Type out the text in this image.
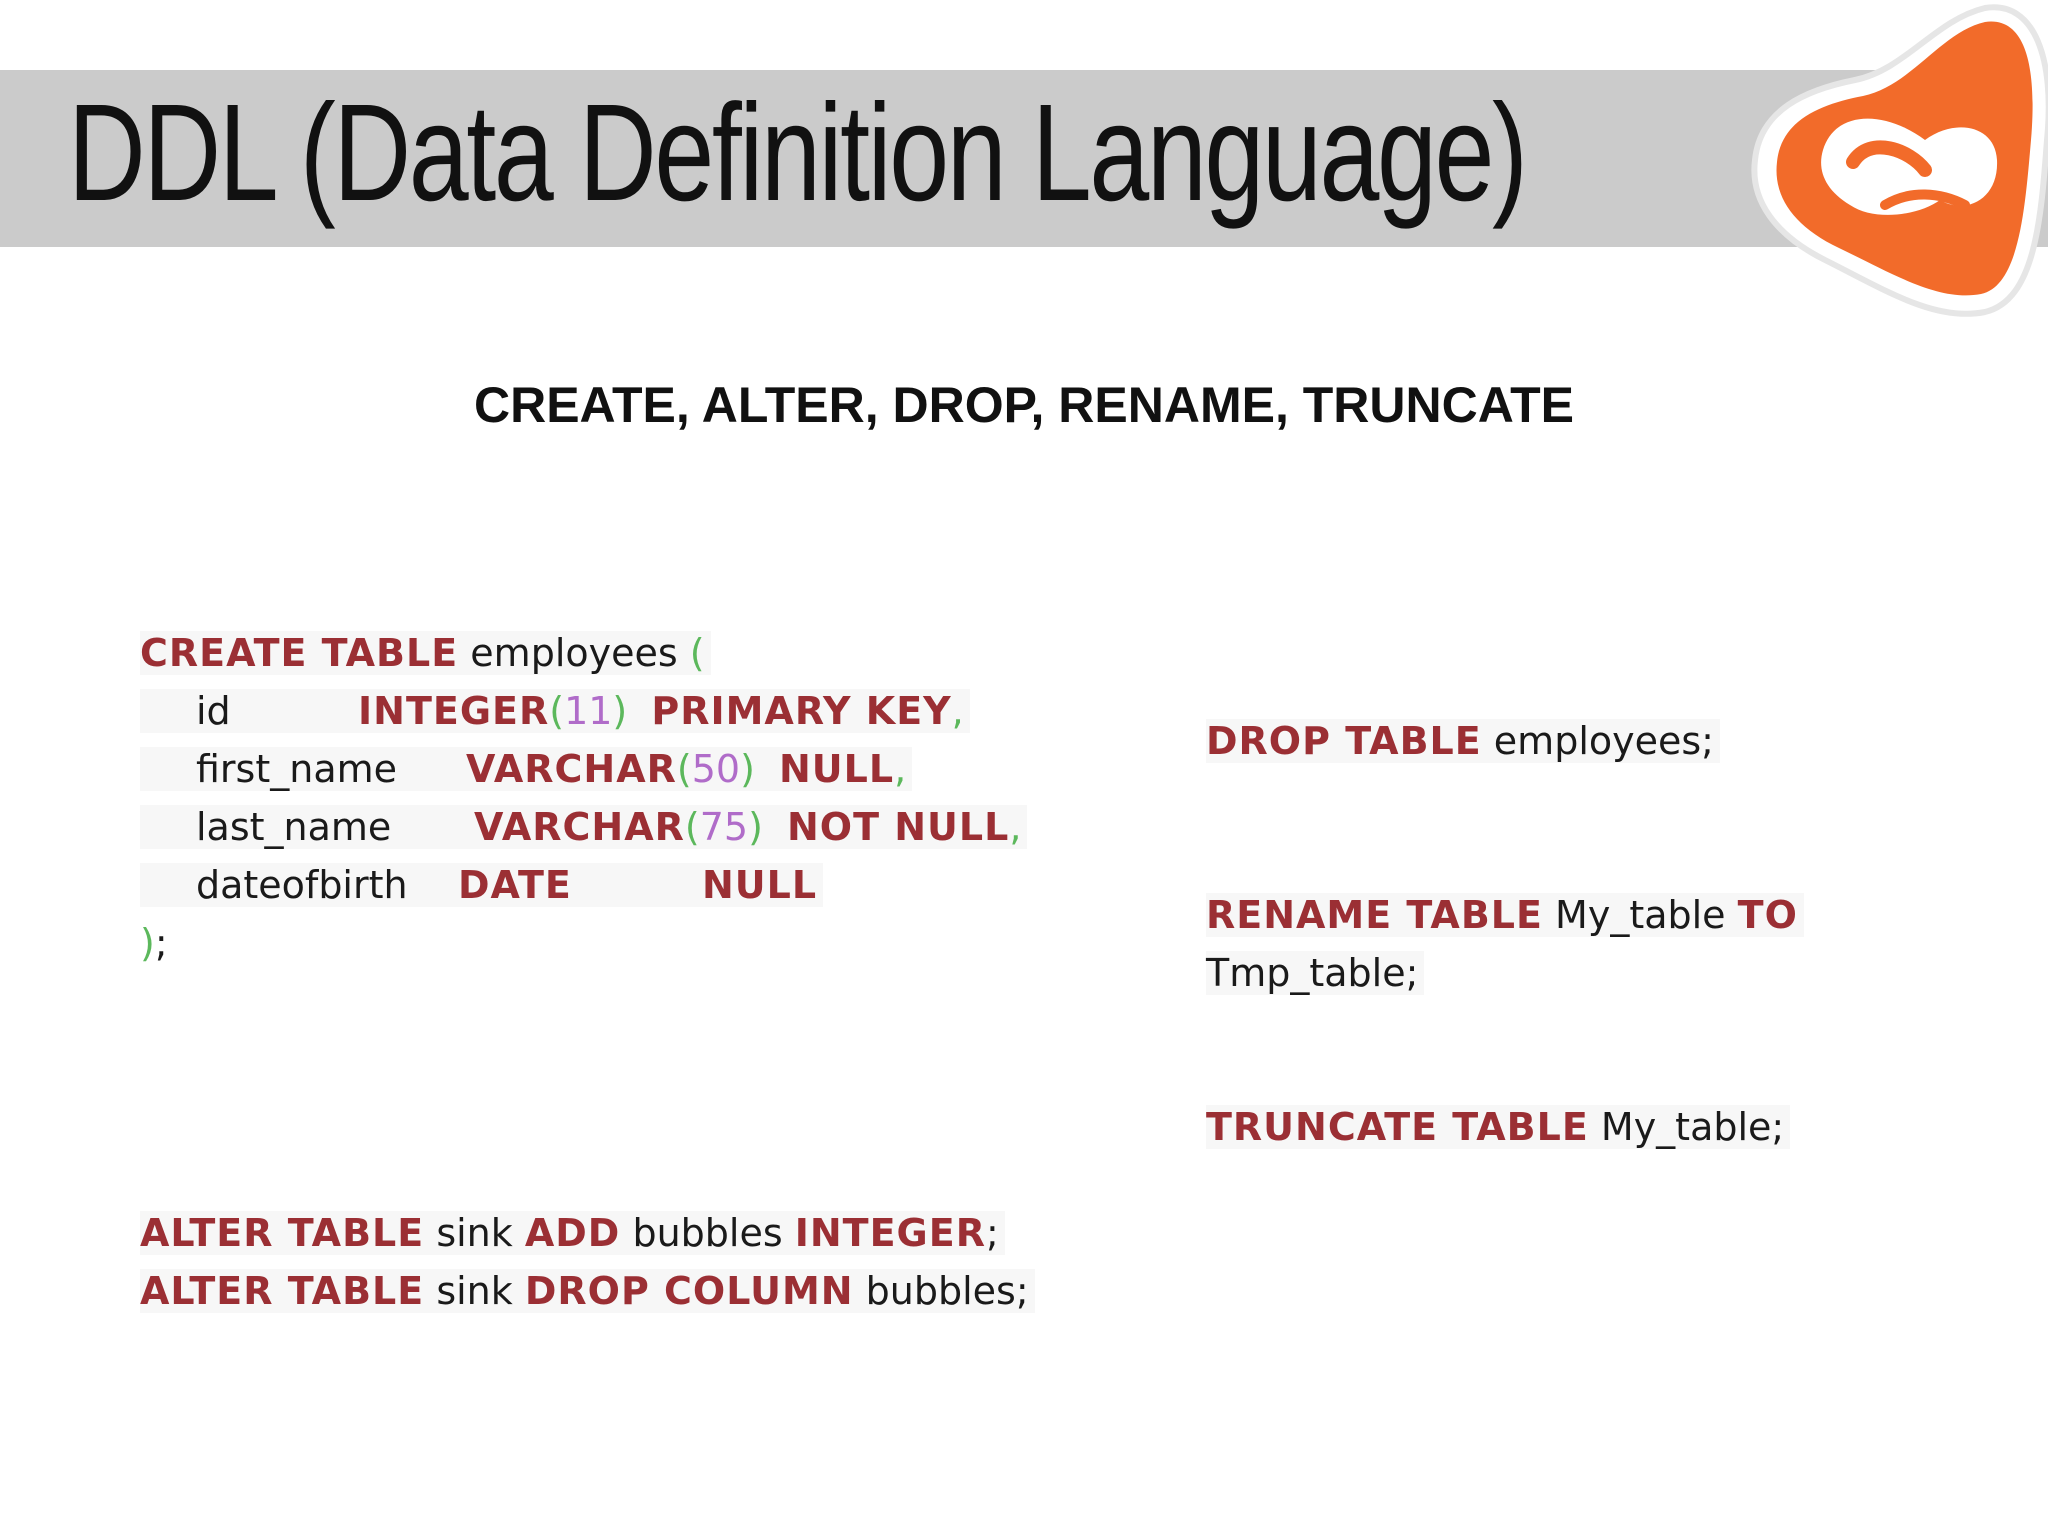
DDL (Data Definition Language)
CREATE, ALTER, DROP, RENAME, TRUNCATE
CREATE TABLE employees (
id	INTEGER(11) PRIMARY KEY,
first_name VARCHAR(50) NULL,
last_name VARCHAR(75) NOT NULL,
dateofbirth DATE	NULL
);
ALTER TABLE sink ADD bubbles INTEGER;
ALTER TABLE sink DROP COLUMN bubbles;
DROP TABLE employees;
RENAME TABLE My_table TO
Tmp_table;
TRUNCATE TABLE My_table;
